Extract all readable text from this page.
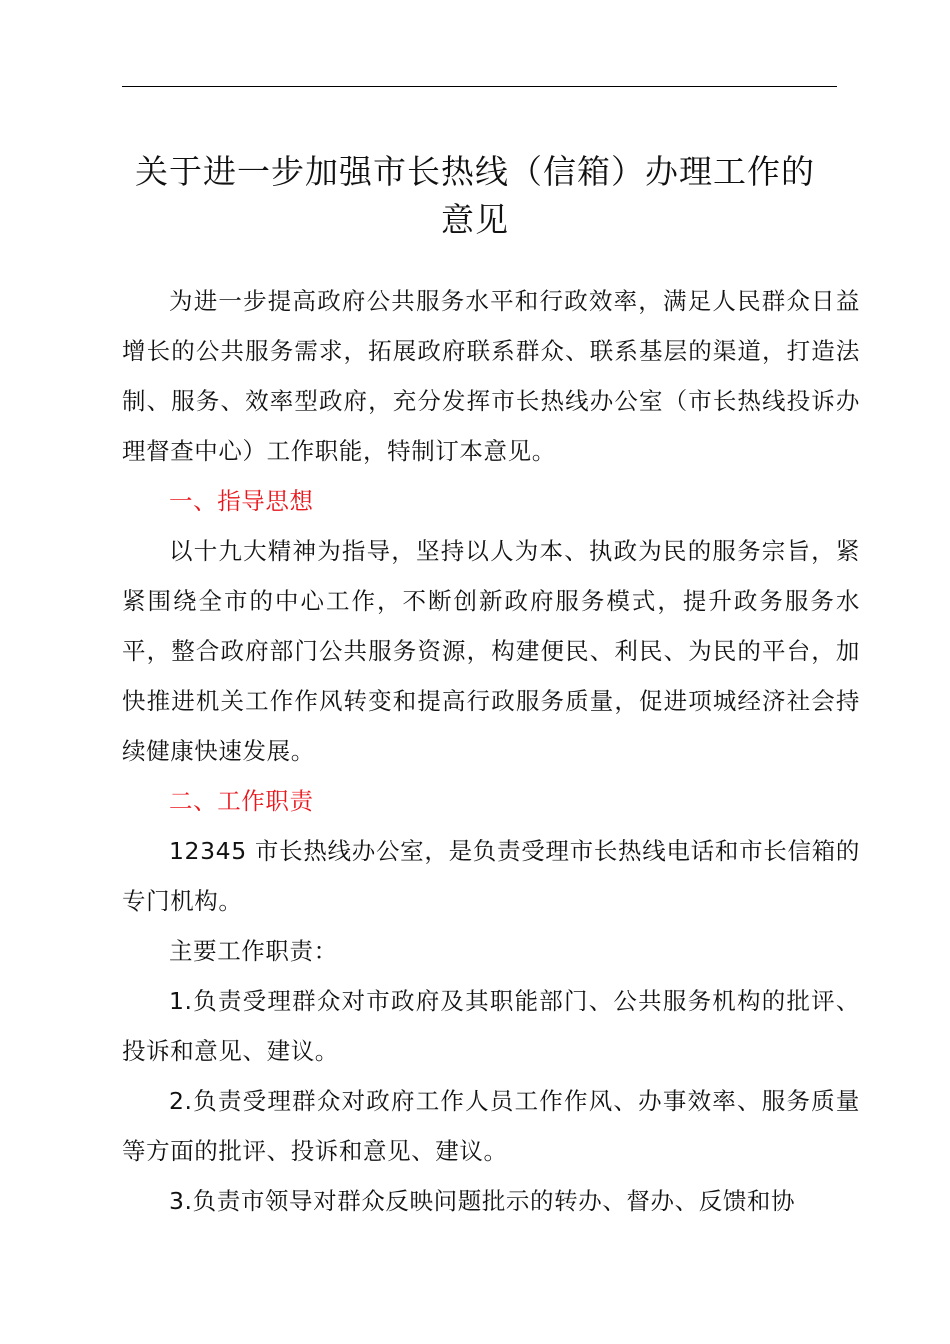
关于进一步加强市长热线（信箱）办理工作的
意见

为进一步提高政府公共服务水平和行政效率，满足人民群众日益增长的公共服务需求，拓展政府联系群众、联系基层的渠道，打造法制、服务、效率型政府，充分发挥市长热线办公室（市长热线投诉办理督查中心）工作职能，特制订本意见。

一、指导思想

以十九大精神为指导，坚持以人为本、执政为民的服务宗旨，紧紧围绕全市的中心工作，不断创新政府服务模式，提升政务服务水平，整合政府部门公共服务资源，构建便民、利民、为民的平台，加快推进机关工作作风转变和提高行政服务质量，促进项城经济社会持续健康快速发展。

二、工作职责

12345 市长热线办公室，是负责受理市长热线电话和市长信箱的专门机构。

主要工作职责：

1.负责受理群众对市政府及其职能部门、公共服务机构的批评、投诉和意见、建议。

2.负责受理群众对政府工作人员工作作风、办事效率、服务质量等方面的批评、投诉和意见、建议。

3.负责市领导对群众反映问题批示的转办、督办、反馈和协
